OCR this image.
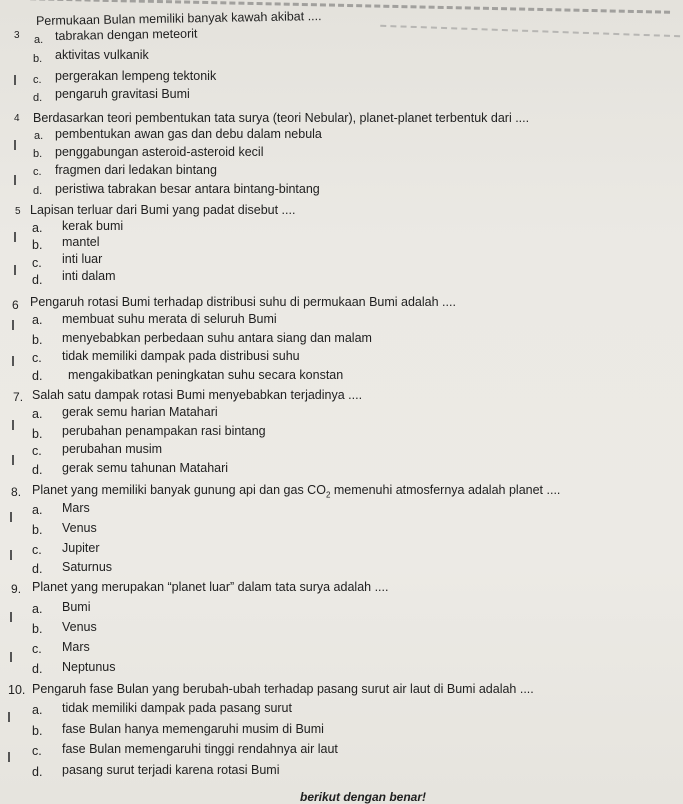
3
Permukaan Bulan memiliki banyak kawah akibat ....
a. tabrakan dengan meteorit
b. aktivitas vulkanik
c. pergerakan lempeng tektonik
d. pengaruh gravitasi Bumi
4 Berdasarkan teori pembentukan tata surya (teori Nebular), planet-planet terbentuk dari ....
a. pembentukan awan gas dan debu dalam nebula
b. penggabungan asteroid-asteroid kecil
c. fragmen dari ledakan bintang
d. peristiwa tabrakan besar antara bintang-bintang
5 Lapisan terluar dari Bumi yang padat disebut ....
a. kerak bumi
b. mantel
c. inti luar
d. inti dalam
6 Pengaruh rotasi Bumi terhadap distribusi suhu di permukaan Bumi adalah ....
a. membuat suhu merata di seluruh Bumi
b. menyebabkan perbedaan suhu antara siang dan malam
c. tidak memiliki dampak pada distribusi suhu
d. mengakibatkan peningkatan suhu secara konstan
7. Salah satu dampak rotasi Bumi menyebabkan terjadinya ....
a. gerak semu harian Matahari
b. perubahan penampakan rasi bintang
c. perubahan musim
d. gerak semu tahunan Matahari
8. Planet yang memiliki banyak gunung api dan gas $CO_2$ memenuhi atmosfernya adalah planet ....
a. Mars
b. Venus
c. Jupiter
d. Saturnus
9. Planet yang merupakan “planet luar” dalam tata surya adalah ....
a. Bumi
b. Venus
c. Mars
d. Neptunus
10. Pengaruh fase Bulan yang berubah-ubah terhadap pasang surut air laut di Bumi adalah ....
a. tidak memiliki dampak pada pasang surut
b. fase Bulan hanya memengaruhi musim di Bumi
c. fase Bulan memengaruhi tinggi rendahnya air laut
d. pasang surut terjadi karena rotasi Bumi
berikut dengan benar!
